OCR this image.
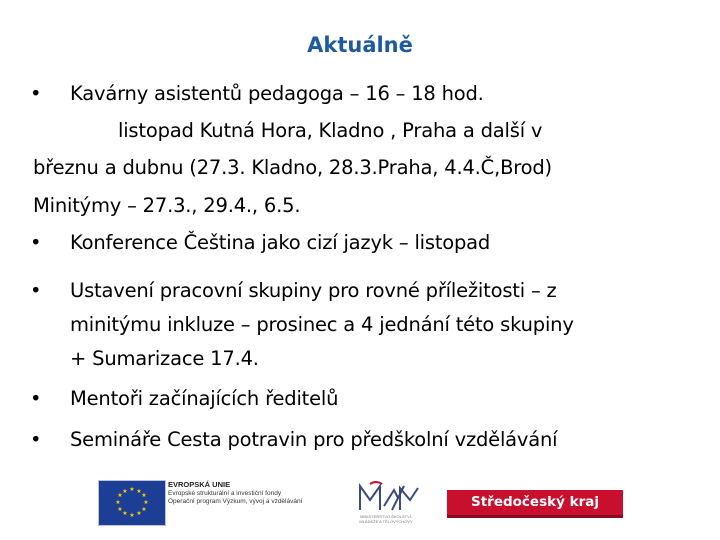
Aktuálně
• Kavárny asistentů pedagoga – 16 – 18 hod.
listopad Kutná Hora, Kladno , Praha a další v
březnu a dubnu (27.3. Kladno, 28.3.Praha, 4.4.Č,Brod)
Minitýmy – 27.3., 29.4., 6.5.
• Konference Čeština jako cizí jazyk – listopad
• Ustavení pracovní skupiny pro rovné příležitosti – z
minitýmu inkluze – prosinec a 4 jednání této skupiny
+ Sumarizace 17.4.
• Mentoři začínajících ředitelů
• Semináře Cesta potravin pro předškolní vzdělávání
★ ★
★
★
★
★
★
★
★
★
★
★
EVROPSKÁ UNIE
Evropské strukturální a investiční fondy
Operační program Výzkum, vývoj a vzdělávání
MINISTERSTVO ŠKOLSTVÍ,
MLÁDEŽE A TĚLOVÝCHOVY
Středočeský kraj
